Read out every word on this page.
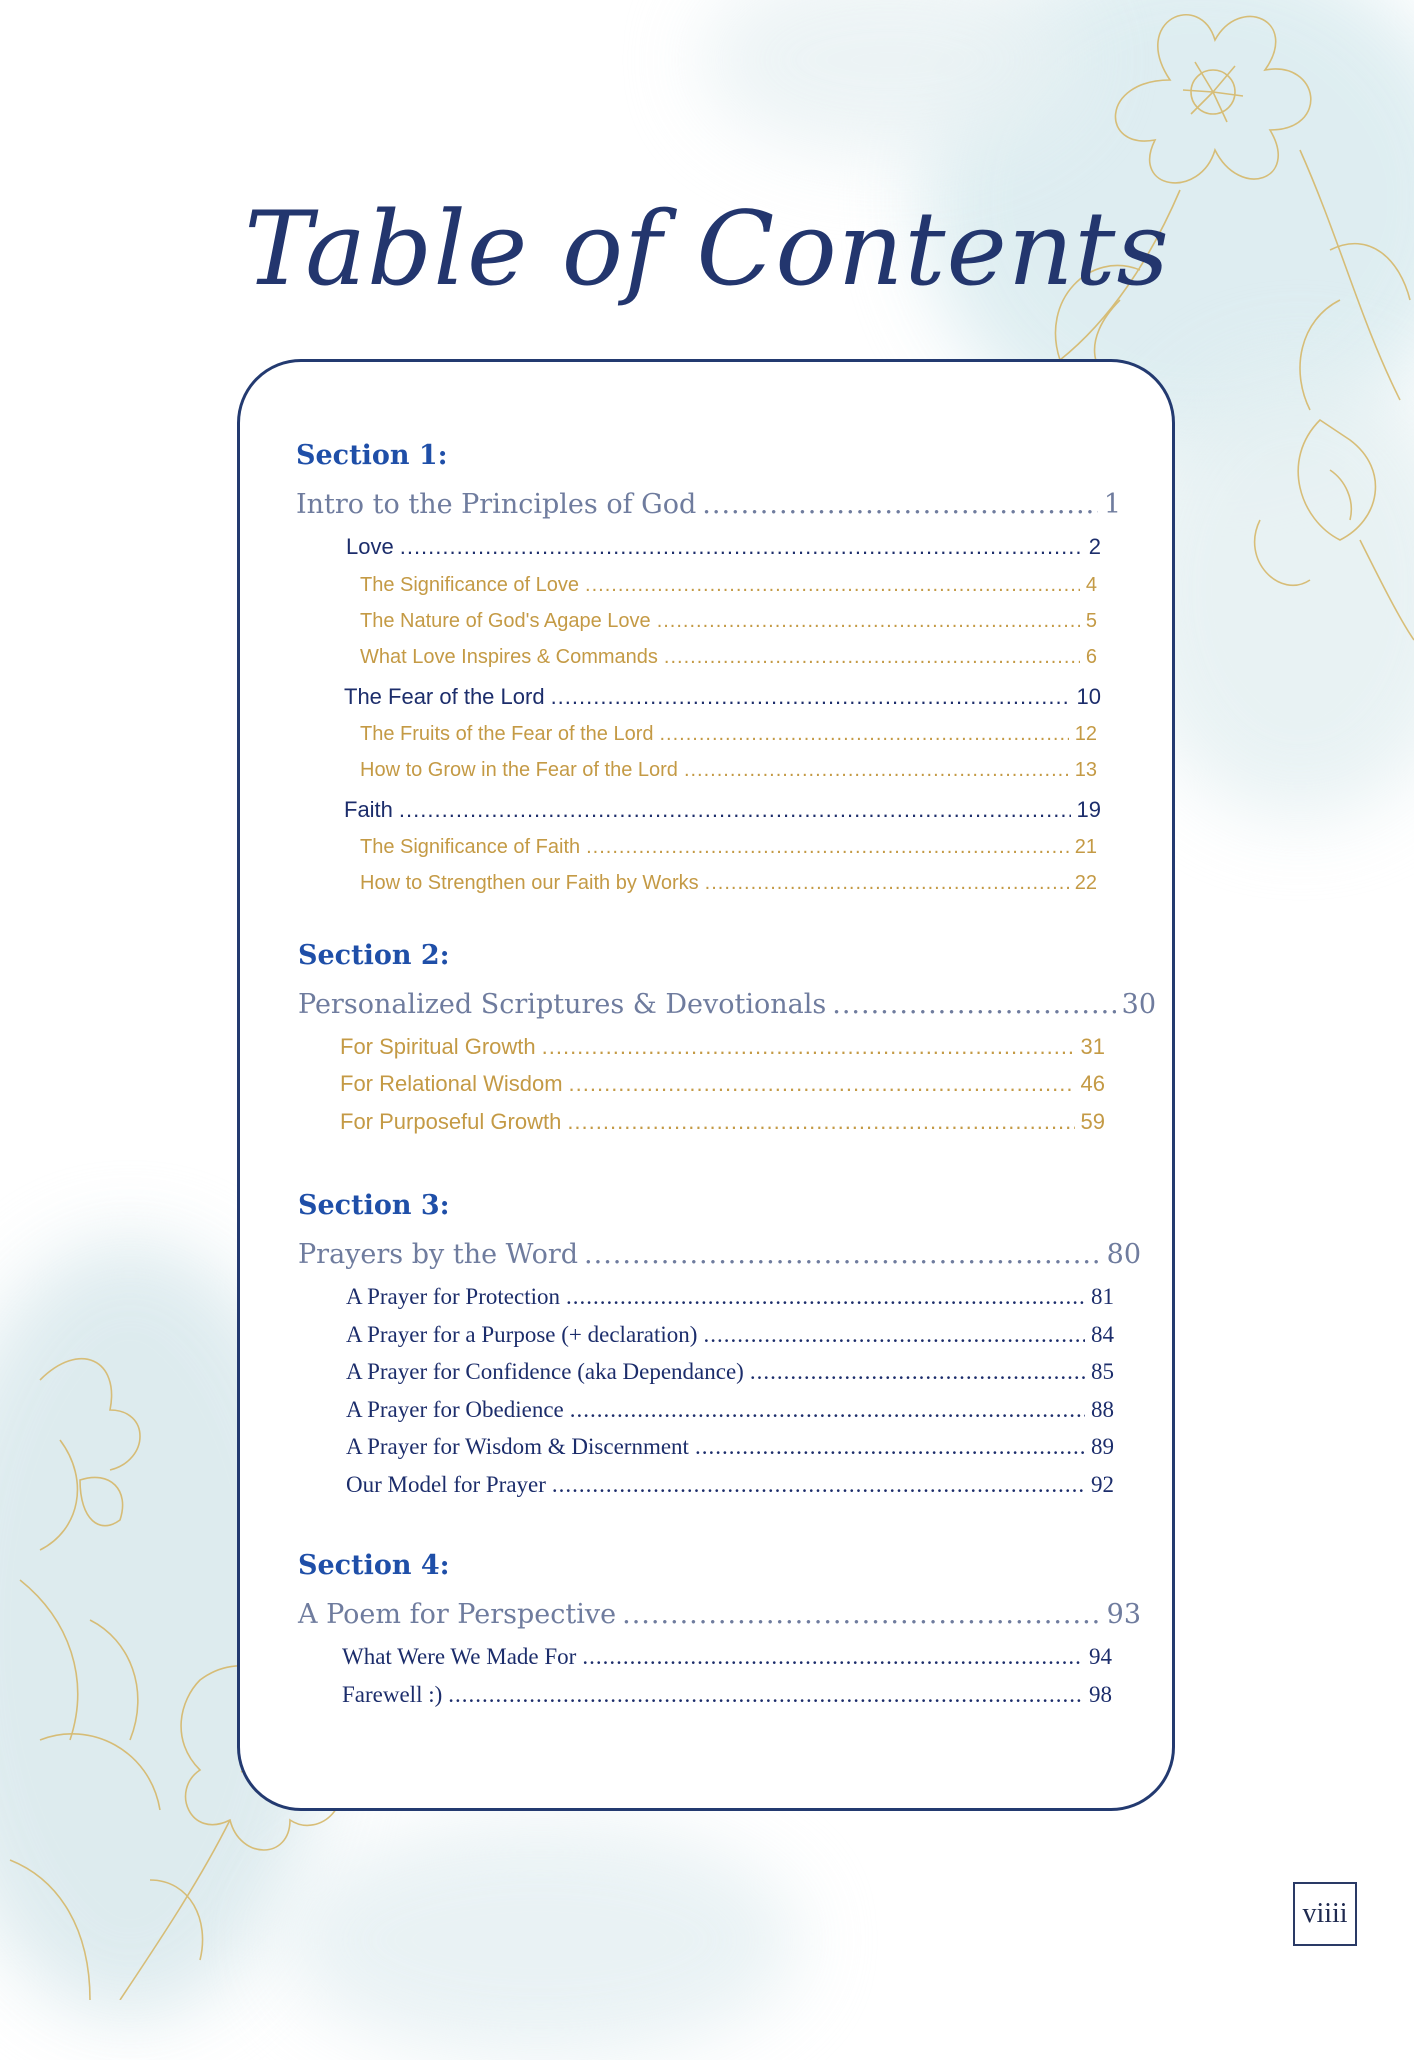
Table of Contents
Section 1:
Intro to the Principles of God .....	1
Love .....	2
The Significance of Love .....	4
The Nature of God's Agape Love .....	5
What Love Inspires & Commands .....	6
The Fear of the Lord .....	10
The Fruits of the Fear of the Lord .....	12
How to Grow in the Fear of the Lord .....	13
Faith .....	19
The Significance of Faith .....	21
How to Strengthen our Faith by Works .....	22
Section 2:
Personalized Scriptures & Devotionals .....	30
For Spiritual Growth .....	31
For Relational Wisdom .....	46
For Purposeful Growth .....	59
Section 3:
Prayers by the Word .....	80
A Prayer for Protection .....	81
A Prayer for a Purpose (+ declaration) .....	84
A Prayer for Confidence (aka Dependance) .....	85
A Prayer for Obedience .....	88
A Prayer for Wisdom & Discernment .....	89
Our Model for Prayer .....	92
Section 4:
A Poem for Perspective .....	93
What Were We Made For .....	94
Farewell :) .....	98
viiii
